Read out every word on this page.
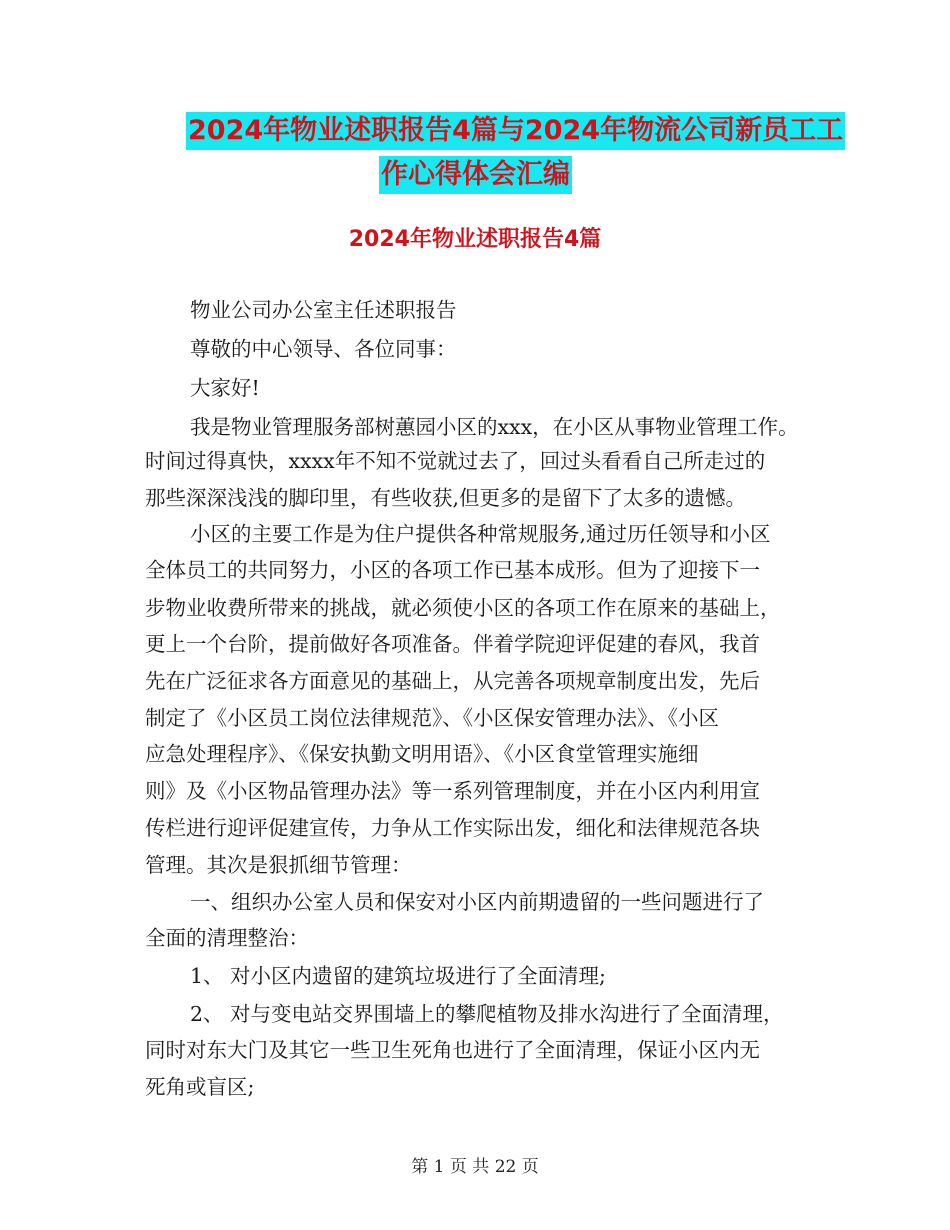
2024年物业述职报告4篇与2024年物流公司新员工工
作心得体会汇编
2024年物业述职报告4篇
物业公司办公室主任述职报告
尊敬的中心领导、各位同事：
大家好!
我是物业管理服务部树蕙园小区的xxx，在小区从事物业管理工作。
时间过得真快，xxxx年不知不觉就过去了，回过头看看自己所走过的
那些深深浅浅的脚印里，有些收获,但更多的是留下了太多的遗憾。
小区的主要工作是为住户提供各种常规服务,通过历任领导和小区
全体员工的共同努力，小区的各项工作已基本成形。但为了迎接下一
步物业收费所带来的挑战，就必须使小区的各项工作在原来的基础上，
更上一个台阶，提前做好各项准备。伴着学院迎评促建的春风，我首
先在广泛征求各方面意见的基础上，从完善各项规章制度出发，先后
制定了《小区员工岗位法律规范》、《小区保安管理办法》、《小区
应急处理程序》、《保安执勤文明用语》、《小区食堂管理实施细
则》及《小区物品管理办法》等一系列管理制度，并在小区内利用宣
传栏进行迎评促建宣传，力争从工作实际出发，细化和法律规范各块
管理。其次是狠抓细节管理：
一、组织办公室人员和保安对小区内前期遗留的一些问题进行了
全面的清理整治：
1、 对小区内遗留的建筑垃圾进行了全面清理;
2、 对与变电站交界围墙上的攀爬植物及排水沟进行了全面清理，
同时对东大门及其它一些卫生死角也进行了全面清理，保证小区内无
死角或盲区;
第 1 页 共 22 页
